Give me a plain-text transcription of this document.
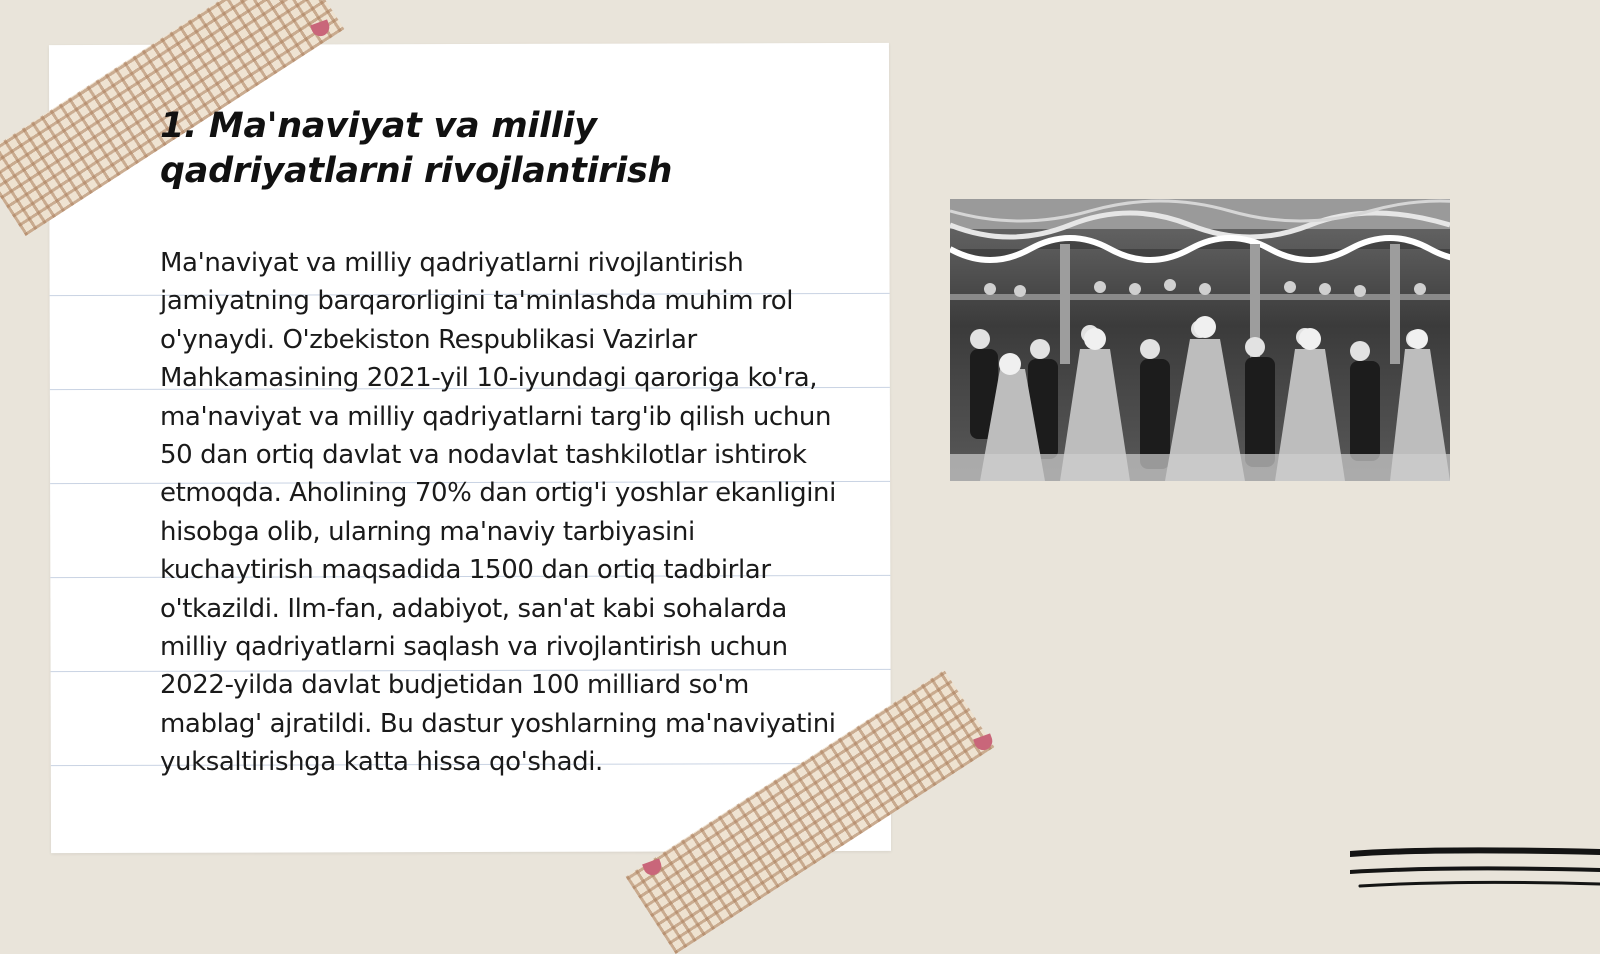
1. Ma'naviyat va milliy qadriyatlarni rivojlantirish

Ma'naviyat va milliy qadriyatlarni rivojlantirish jamiyatning barqarorligini ta'minlashda muhim rol o'ynaydi. O'zbekiston Respublikasi Vazirlar Mahkamasining 2021-yil 10-iyundagi qaroriga ko'ra, ma'naviyat va milliy qadriyatlarni targ'ib qilish uchun 50 dan ortiq davlat va nodavlat tashkilotlar ishtirok etmoqda. Aholining 70% dan ortig'i yoshlar ekanligini hisobga olib, ularning ma'naviy tarbiyasini kuchaytirish maqsadida 1500 dan ortiq tadbirlar o'tkazildi. Ilm-fan, adabiyot, san'at kabi sohalarda milliy qadriyatlarni saqlash va rivojlantirish uchun 2022-yilda davlat budjetidan 100 milliard so'm mablag' ajratildi. Bu dastur yoshlarning ma'naviyatini yuksaltirishga katta hissa qo'shadi.
